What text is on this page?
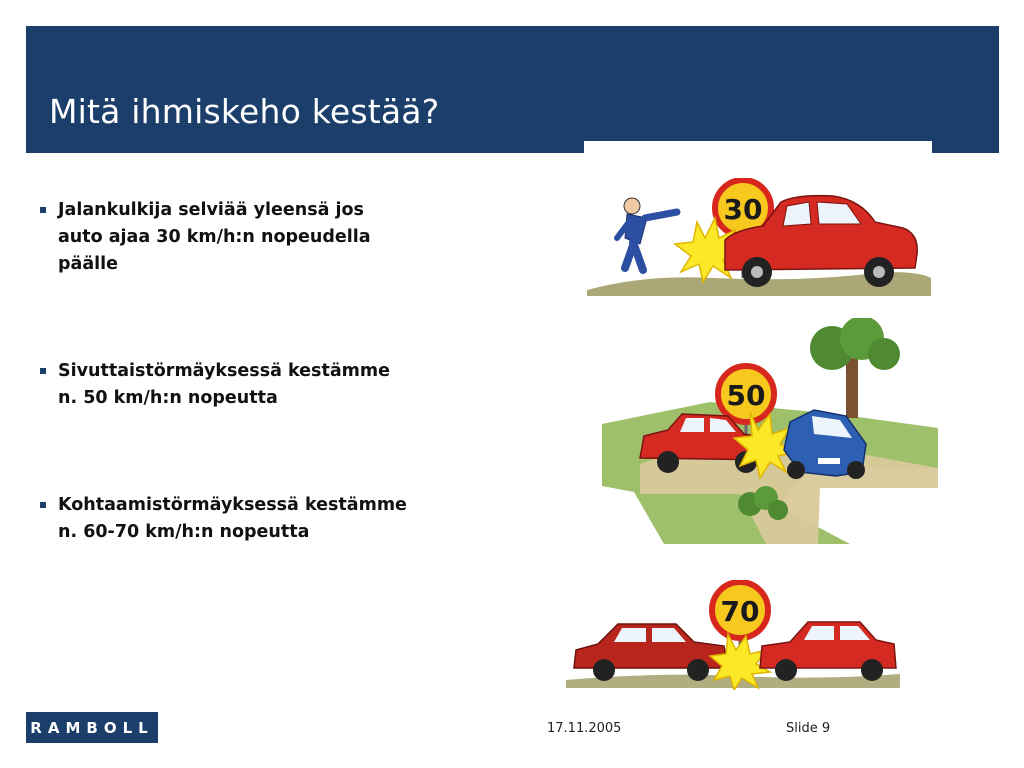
Mitä ihmiskeho kestää?
Jalankulkija selviää yleensä jos
auto ajaa 30 km/h:n nopeudella
päälle
Sivuttaistörmäyksessä kestämme
n. 50 km/h:n nopeutta
Kohtaamistörmäyksessä kestämme
n. 60-70 km/h:n nopeutta
30
50
70
RAMBOLL	17.11.2005	Slide 9
